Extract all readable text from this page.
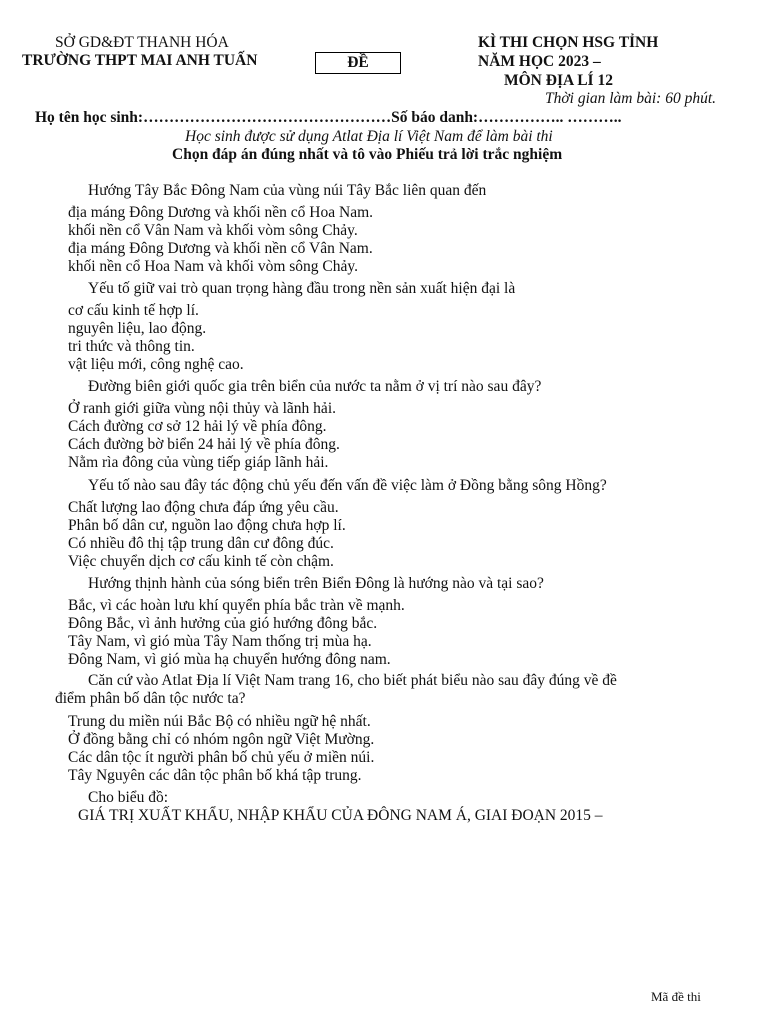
SỞ GD&ĐT THANH HÓA
TRƯỜNG THPT MAI ANH TUẤN	ĐỀ
KÌ THI CHỌN HSG TỈNH
NĂM HỌC 2023 –
MÔN ĐỊA LÍ 12
Thời gian làm bài: 60 phút.
Họ tên học sinh:…………………………………………Số báo danh:…………….. ………..
Học sinh được sử dụng Atlat Địa lí Việt Nam để làm bài thi
Chọn đáp án đúng nhất và tô vào Phiếu trả lời trắc nghiệm
Hướng Tây Bắc Đông Nam của vùng núi Tây Bắc liên quan đến
địa máng Đông Dương và khối nền cổ Hoa Nam.
khối nền cổ Vân Nam và khối vòm sông Chảy.
địa máng Đông Dương và khối nền cổ Vân Nam.
khối nền cổ Hoa Nam và khối vòm sông Chảy.
Yếu tố giữ vai trò quan trọng hàng đầu trong nền sản xuất hiện đại là
cơ cấu kinh tế hợp lí.
nguyên liệu, lao động.
tri thức và thông tin.
vật liệu mới, công nghệ cao.
Đường biên giới quốc gia trên biển của nước ta nằm ở vị trí nào sau đây?
Ở ranh giới giữa vùng nội thủy và lãnh hải.
Cách đường cơ sở 12 hải lý về phía đông.
Cách đường bờ biển 24 hải lý về phía đông.
Nằm rìa đông của vùng tiếp giáp lãnh hải.
Yếu tố nào sau đây tác động chủ yếu đến vấn đề việc làm ở Đồng bằng sông Hồng?
Chất lượng lao động chưa đáp ứng yêu cầu.
Phân bố dân cư, nguồn lao động chưa hợp lí.
Có nhiều đô thị tập trung dân cư đông đúc.
Việc chuyển dịch cơ cấu kinh tế còn chậm.
Hướng thịnh hành của sóng biển trên Biển Đông là hướng nào và tại sao?
Bắc, vì các hoàn lưu khí quyển phía bắc tràn về mạnh.
Đông Bắc, vì ảnh hưởng của gió hướng đông bắc.
Tây Nam, vì gió mùa Tây Nam thống trị mùa hạ.
Đông Nam, vì gió mùa hạ chuyển hướng đông nam.
Căn cứ vào Atlat Địa lí Việt Nam trang 16, cho biết phát biểu nào sau đây đúng về đề
điểm phân bố dân tộc nước ta?
Trung du miền núi Bắc Bộ có nhiều ngữ hệ nhất.
Ở đồng bằng chỉ có nhóm ngôn ngữ Việt Mường.
Các dân tộc ít người phân bố chủ yếu ở miền núi.
Tây Nguyên các dân tộc phân bố khá tập trung.
Cho biểu đồ:
GIÁ TRỊ XUẤT KHẨU, NHẬP KHẨU CỦA ĐÔNG NAM Á, GIAI ĐOẠN 2015 –
Mã đề thi
